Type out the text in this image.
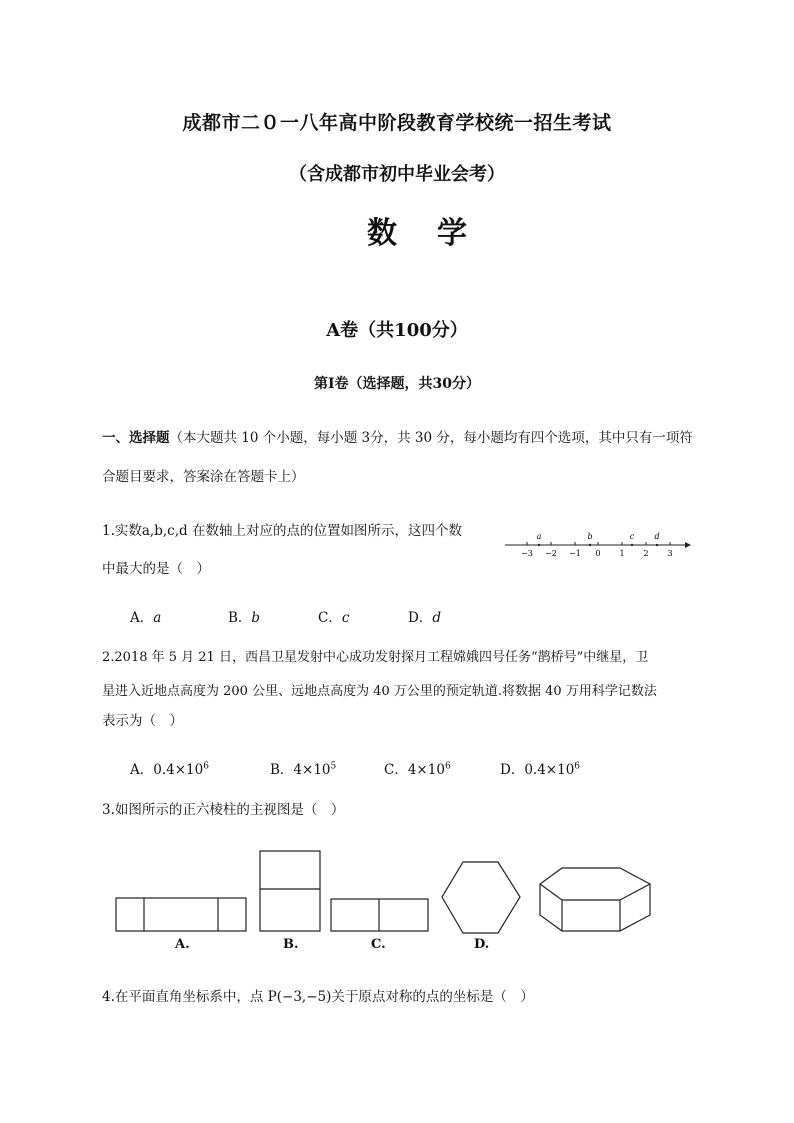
成都市二０一八年高中阶段教育学校统一招生考试
（含成都市初中毕业会考）
数学
A卷（共100分）
第Ⅰ卷（选择题，共30分）
一、选择题（本大题共 10 个小题，每小题 3分，共 30 分，每小题均有四个选项，其中只有一项符
合题目要求，答案涂在答题卡上）
1.实数a,b,c,d 在数轴上对应的点的位置如图所示，这四个数
中最大的是（　）
−3 −2 −1 0 1 2 3
a	b	c	d
A．a	B．b	C．c	D．d
2.2018 年 5 月 21 日，西昌卫星发射中心成功发射探月工程嫦娥四号任务“鹊桥号”中继星，卫
星进入近地点高度为 200 公里、远地点高度为 40 万公里的预定轨道.将数据 40 万用科学记数法
表示为（　）
A．$0.4\times 10^6$	B．$4\times 10^5$	C．$4\times 10^6$	D．$0.4\times 10^6$
3.如图所示的正六棱柱的主视图是（　）
A.	B.	C.	D.
4.在平面直角坐标系中，点 P(−3,−5)关于原点对称的点的坐标是（　）
